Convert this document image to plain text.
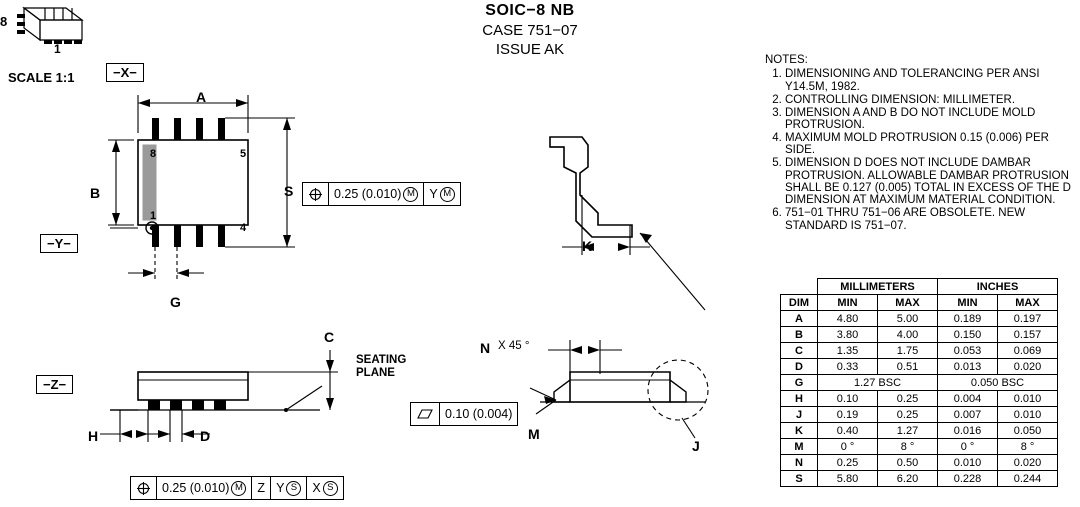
SOIC−8 NB
CASE 751−07
ISSUE AK
8
1
SCALE 1:1	−X−
A
B	S
G
8	5
1
4
−Y−
0.25 (0.010) M Y M
−Z−
C
H	D
SEATING
PLANE
0.10 (0.004)
0.25 (0.010) M	Z Y S	X S
K
N X 45 °
M
J
NOTES:
1. DIMENSIONING AND TOLERANCING PER ANSI Y14.5M, 1982.
2. CONTROLLING DIMENSION: MILLIMETER.
3. DIMENSION A AND B DO NOT INCLUDE MOLD PROTRUSION.
4. MAXIMUM MOLD PROTRUSION 0.15 (0.006) PER SIDE.
5. DIMENSION D DOES NOT INCLUDE DAMBAR PROTRUSION. ALLOWABLE DAMBAR PROTRUSION SHALL BE 0.127 (0.005) TOTAL IN EXCESS OF THE D DIMENSION AT MAXIMUM MATERIAL CONDITION.
6. 751−01 THRU 751−06 ARE OBSOLETE. NEW STANDARD IS 751−07.
	MILLIMETERS		INCHES	
DIM	MIN	MAX	MIN	MAX
A	4.80	5.00	0.189	0.197
B	3.80	4.00	0.150	0.157
C	1.35	1.75	0.053	0.069
D	0.33	0.51	0.013	0.020
G	1.27 BSC		0.050 BSC	
H	0.10	0.25	0.004	0.010
J	0.19	0.25	0.007	0.010
K	0.40	1.27	0.016	0.050
M	0 °	8 °	0 °	8 °
N	0.25	0.50	0.010	0.020
S	5.80	6.20	0.228	0.244
